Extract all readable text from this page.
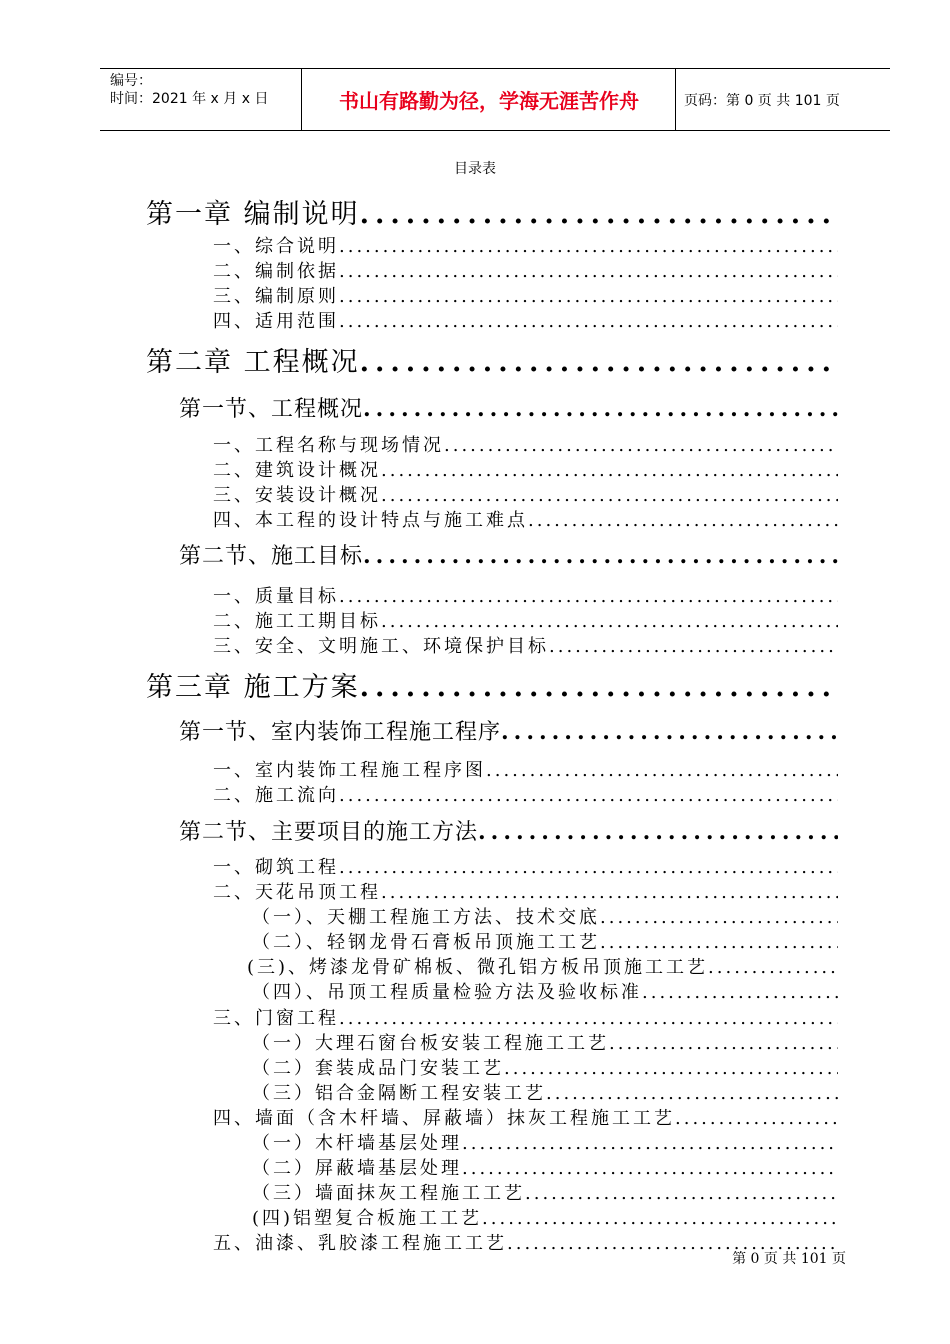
编号：
时间：2021 年 x 月 x 日	书山有路勤为径，学海无涯苦作舟	页码：第 0 页 共 101 页
目录表
第一章 编制说明
.....
一、综合说明
.....
二、编制依据
.....
三、编制原则
.....
四、适用范围
.....
第二章 工程概况
.....
第一节、工程概况
.....
一、工程名称与现场情况
.....
二、建筑设计概况
.....
三、安装设计概况
.....
四、本工程的设计特点与施工难点
.....
第二节、施工目标
.....
一、质量目标
.....
二、施工工期目标
.....
三、安全、文明施工、环境保护目标
.....
第三章 施工方案
.....
第一节、室内装饰工程施工程序
.....
一、室内装饰工程施工程序图
.....
二、施工流向
.....
第二节、主要项目的施工方法
.....
一、砌筑工程
.....
二、天花吊顶工程
.....
（一）、天棚工程施工方法、技术交底
.....
（二）、轻钢龙骨石膏板吊顶施工工艺
.....
(三)、烤漆龙骨矿棉板、微孔铝方板吊顶施工工艺
.....
（四）、吊顶工程质量检验方法及验收标准
.....
三、门窗工程
.....
（一）大理石窗台板安装工程施工工艺
.....
（二）套装成品门安装工艺
.....
（三）铝合金隔断工程安装工艺
.....
四、墙面（含木杆墙、屏蔽墙）抹灰工程施工工艺
.....
（一）木杆墙基层处理
.....
（二）屏蔽墙基层处理
.....
（三）墙面抹灰工程施工工艺
.....
(四)铝塑复合板施工工艺
.....
五、油漆、乳胶漆工程施工工艺
.....
第 0 页 共 101 页
